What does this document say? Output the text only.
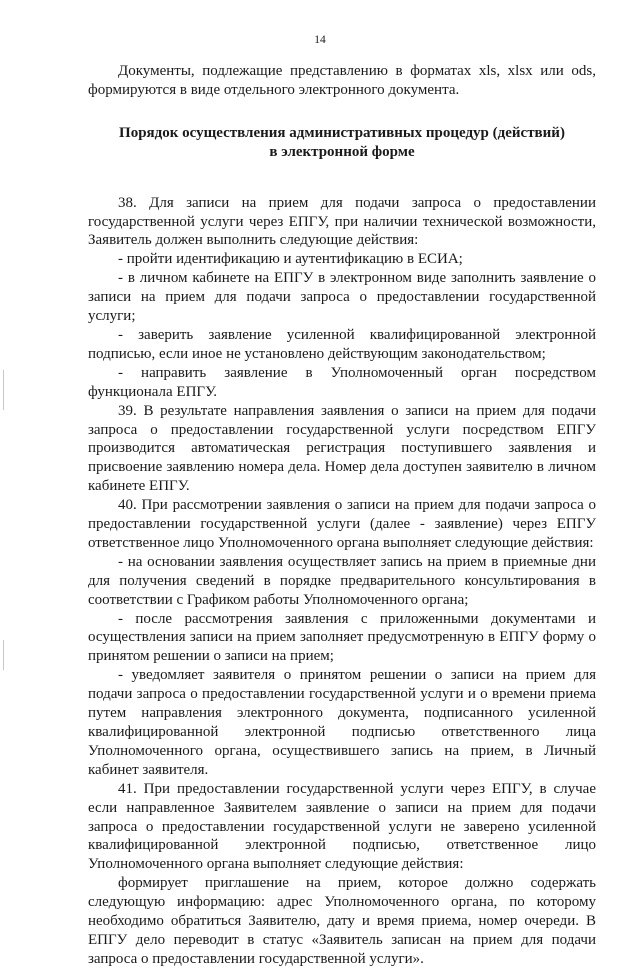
14

Документы, подлежащие представлению в форматах xls, xlsx или ods, формируются в виде отдельного электронного документа.

Порядок осуществления административных процедур (действий)
в электронной форме

38. Для записи на прием для подачи запроса о предоставлении государственной услуги через ЕПГУ, при наличии технической возможности, Заявитель должен выполнить следующие действия:

- пройти идентификацию и аутентификацию в ЕСИА;

- в личном кабинете на ЕПГУ в электронном виде заполнить заявление о записи на прием для подачи запроса о предоставлении государственной услуги;

- заверить заявление усиленной квалифицированной электронной подписью, если иное не установлено действующим законодательством;

- направить заявление в Уполномоченный орган посредством функционала ЕПГУ.

39. В результате направления заявления о записи на прием для подачи запроса о предоставлении государственной услуги посредством ЕПГУ производится автоматическая регистрация поступившего заявления и присвоение заявлению номера дела. Номер дела доступен заявителю в личном кабинете ЕПГУ.

40. При рассмотрении заявления о записи на прием для подачи запроса о предоставлении государственной услуги (далее - заявление) через ЕПГУ ответственное лицо Уполномоченного органа выполняет следующие действия:

- на основании заявления осуществляет запись на прием в приемные дни для получения сведений в порядке предварительного консультирования в соответствии с Графиком работы Уполномоченного органа;

- после рассмотрения заявления с приложенными документами и осуществления записи на прием заполняет предусмотренную в ЕПГУ форму о принятом решении о записи на прием;

- уведомляет заявителя о принятом решении о записи на прием для подачи запроса о предоставлении государственной услуги и о времени приема путем направления электронного документа, подписанного усиленной квалифицированной электронной подписью ответственного лица Уполномоченного органа, осуществившего запись на прием, в Личный кабинет заявителя.

41. При предоставлении государственной услуги через ЕПГУ, в случае если направленное Заявителем заявление о записи на прием для подачи запроса о предоставлении государственной услуги не заверено усиленной квалифицированной электронной подписью, ответственное лицо Уполномоченного органа выполняет следующие действия:

формирует приглашение на прием, которое должно содержать следующую информацию: адрес Уполномоченного органа, по которому необходимо обратиться Заявителю, дату и время приема, номер очереди. В ЕПГУ дело переводит в статус «Заявитель записан на прием для подачи запроса о предоставлении государственной услуги».
